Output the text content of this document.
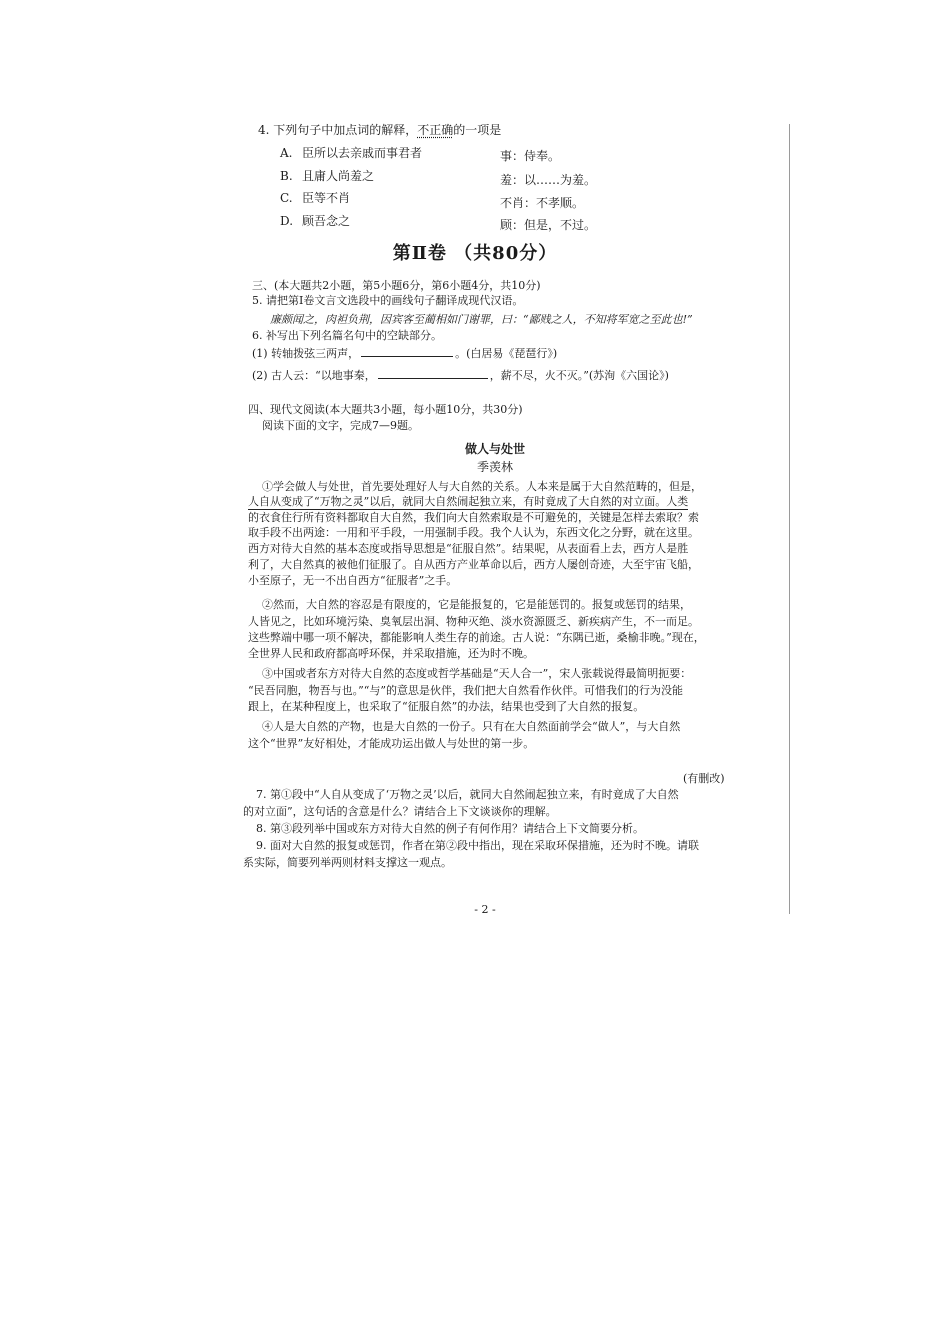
4. 下列句子中加点词的解释，不正确的一项是
A. 臣所以去亲戚而事君者	事：侍奉。
B. 且庸人尚羞之	羞：以……为羞。
C. 臣等不肖	不肖：不孝顺。
D. 顾吾念之	顾：但是，不过。
第Ⅱ卷 （共80分）
三、(本大题共2小题，第5小题6分，第6小题4分，共10分)
5. 请把第Ⅰ卷文言文选段中的画线句子翻译成现代汉语。
廉颇闻之，肉袒负荆，因宾客至蔺相如门谢罪，曰：“鄙贱之人，不知将军宽之至此也!”
6. 补写出下列名篇名句中的空缺部分。
(1) 转轴拨弦三两声，	。(白居易《琵琶行》)
(2) 古人云：“以地事秦，	，薪不尽，火不灭。”(苏洵《六国论》)
四、现代文阅读(本大题共3小题，每小题10分，共30分)
阅读下面的文字，完成7—9题。
做人与处世
季羡林
①学会做人与处世，首先要处理好人与大自然的关系。人本来是属于大自然范畴的，但是，
人自从变成了“万物之灵”以后，就同大自然闹起独立来，有时竟成了大自然的对立面。人类
的衣食住行所有资料都取自大自然，我们向大自然索取是不可避免的，关键是怎样去索取？索
取手段不出两途：一用和平手段，一用强制手段。我个人认为，东西文化之分野，就在这里。
西方对待大自然的基本态度或指导思想是“征服自然”。结果呢，从表面看上去，西方人是胜
利了，大自然真的被他们征服了。自从西方产业革命以后，西方人屡创奇迹，大至宇宙飞船，
小至原子，无一不出自西方“征服者”之手。
②然而，大自然的容忍是有限度的，它是能报复的，它是能惩罚的。报复或惩罚的结果，
人皆见之，比如环境污染、臭氧层出洞、物种灭绝、淡水资源匮乏、新疾病产生，不一而足。
这些弊端中哪一项不解决，都能影响人类生存的前途。古人说：“东隅已逝，桑榆非晚。”现在，
全世界人民和政府都高呼环保，并采取措施，还为时不晚。
③中国或者东方对待大自然的态度或哲学基础是“天人合一”，宋人张载说得最简明扼要：
“民吾同胞，物吾与也。”“与”的意思是伙伴，我们把大自然看作伙伴。可惜我们的行为没能
跟上，在某种程度上，也采取了“征服自然”的办法，结果也受到了大自然的报复。
④人是大自然的产物，也是大自然的一份子。只有在大自然面前学会“做人”，与大自然
这个“世界”友好相处，才能成功运出做人与处世的第一步。
(有删改)
7. 第①段中“人自从变成了‘万物之灵’以后，就同大自然闹起独立来，有时竟成了大自然
的对立面”，这句话的含意是什么？请结合上下文谈谈你的理解。
8. 第③段列举中国或东方对待大自然的例子有何作用？请结合上下文简要分析。
9. 面对大自然的报复或惩罚，作者在第②段中指出，现在采取环保措施，还为时不晚。请联
系实际，简要列举两则材料支撑这一观点。
- 2 -
